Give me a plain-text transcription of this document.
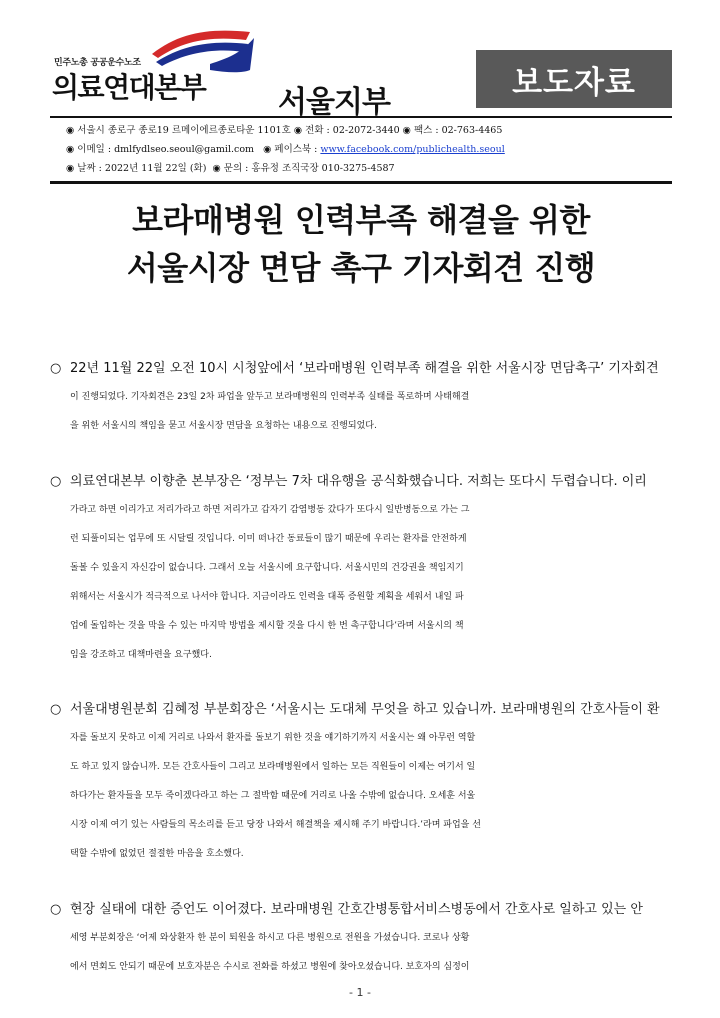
민주노총 공공운수노조
의료연대본부 서울지부
보도자료
◉ 서울시 종로구 종로19 르메이에르종로타운 1101호 ◉ 전화 : 02-2072-3440 ◉ 팩스 : 02-763-4465
◉ 이메일 : dmlfydlseo.seoul@gamil.com ◉ 페이스북 : www.facebook.com/publichealth.seoul
◉ 날짜 : 2022년 11월 22일 (화) ◉ 문의 : 홍유정 조직국장 010-3275-4587
보라매병원 인력부족 해결을 위한
서울시장 면담 촉구 기자회견 진행
○ 22년 11월 22일 오전 10시 시청앞에서 ‘보라매병원 인력부족 해결을 위한 서울시장 면담촉구’ 기자회견
이 진행되었다. 기자회견은 23일 2차 파업을 앞두고 보라매병원의 인력부족 실태를 폭로하며 사태해결
을 위한 서울시의 책임을 묻고 서울시장 면담을 요청하는 내용으로 진행되었다.
○ 의료연대본부 이향춘 본부장은 ‘정부는 7차 대유행을 공식화했습니다. 저희는 또다시 두렵습니다. 이리
가라고 하면 이리가고 저리가라고 하면 저리가고 갑자기 감염병동 갔다가 또다시 일반병동으로 가는 그
런 되풀이되는 업무에 또 시달릴 것입니다. 이미 떠나간 동료들이 많기 때문에 우리는 환자를 안전하게
돌볼 수 있을지 자신감이 없습니다. 그래서 오늘 서울시에 요구합니다. 서울시민의 건강권을 책임지기
위해서는 서울시가 적극적으로 나서야 합니다. 지금이라도 인력을 대폭 증원할 계획을 세워서 내일 파
업에 돌입하는 것을 막을 수 있는 마지막 방법을 제시할 것을 다시 한 번 촉구합니다’라며 서울시의 책
임을 강조하고 대책마련을 요구했다.
○ 서울대병원분회 김혜정 부분회장은 ‘서울시는 도대체 무엇을 하고 있습니까. 보라매병원의 간호사들이 환
자를 돌보지 못하고 이제 거리로 나와서 환자를 돌보기 위한 것을 얘기하기까지 서울시는 왜 아무런 역할
도 하고 있지 않습니까. 모든 간호사들이 그리고 보라매병원에서 일하는 모든 직원들이 이제는 여기서 일
하다가는 환자들을 모두 죽이겠다라고 하는 그 절박함 때문에 거리로 나올 수밖에 없습니다. 오세훈 서울
시장 이제 여기 있는 사람들의 목소리를 듣고 당장 나와서 해결책을 제시해 주기 바랍니다.’라며 파업을 선
택할 수밖에 없었던 절절한 마음을 호소했다.
○ 현장 실태에 대한 증언도 이어졌다. 보라매병원 간호간병통합서비스병동에서 간호사로 일하고 있는 안
세영 부분회장은 ‘어제 와상환자 한 분이 퇴원을 하시고 다른 병원으로 전원을 가셨습니다. 코로나 상황
에서 면회도 안되기 때문에 보호자분은 수시로 전화를 하셨고 병원에 찾아오셨습니다. 보호자의 심정이
- 1 -
